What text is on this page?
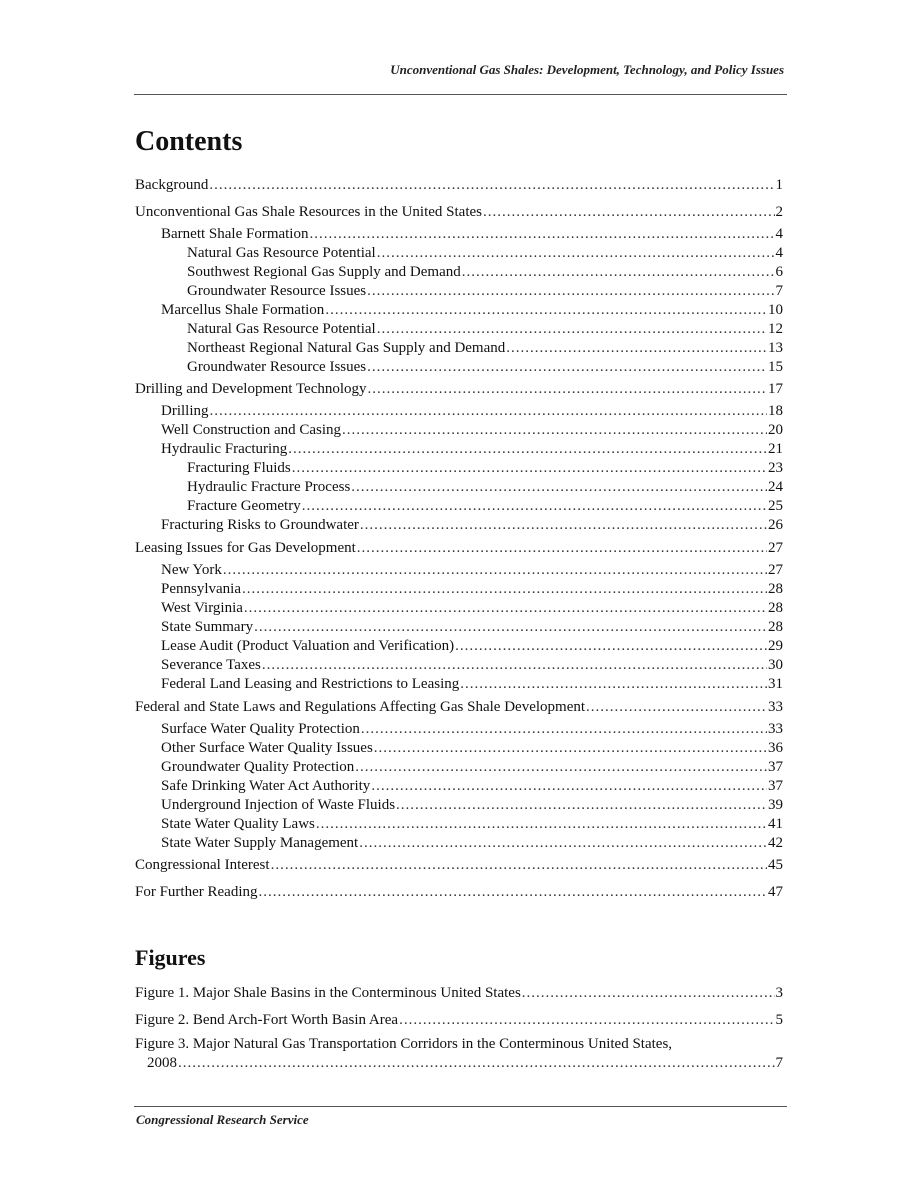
Unconventional Gas Shales: Development, Technology, and Policy Issues
Contents
Background .....	1
Unconventional Gas Shale Resources in the United States .....	2
Barnett Shale Formation .....	4
Natural Gas Resource Potential .....	4
Southwest Regional Gas Supply and Demand .....	6
Groundwater Resource Issues .....	7
Marcellus Shale Formation .....	10
Natural Gas Resource Potential .....	12
Northeast Regional Natural Gas Supply and Demand .....	13
Groundwater Resource Issues .....	15
Drilling and Development Technology .....	17
Drilling .....	18
Well Construction and Casing .....	20
Hydraulic Fracturing .....	21
Fracturing Fluids .....	23
Hydraulic Fracture Process .....	24
Fracture Geometry .....	25
Fracturing Risks to Groundwater .....	26
Leasing Issues for Gas Development .....	27
New York .....	27
Pennsylvania .....	28
West Virginia .....	28
State Summary .....	28
Lease Audit (Product Valuation and Verification) .....	29
Severance Taxes .....	30
Federal Land Leasing and Restrictions to Leasing .....	31
Federal and State Laws and Regulations Affecting Gas Shale Development .....	33
Surface Water Quality Protection .....	33
Other Surface Water Quality Issues .....	36
Groundwater Quality Protection .....	37
Safe Drinking Water Act Authority .....	37
Underground Injection of Waste Fluids .....	39
State Water Quality Laws .....	41
State Water Supply Management .....	42
Congressional Interest .....	45
For Further Reading .....	47
Figures
Figure 1. Major Shale Basins in the Conterminous United States .....	3
Figure 2. Bend Arch-Fort Worth Basin Area .....	5
Figure 3. Major Natural Gas Transportation Corridors in the Conterminous United States,
2008 .....	7
Congressional Research Service
